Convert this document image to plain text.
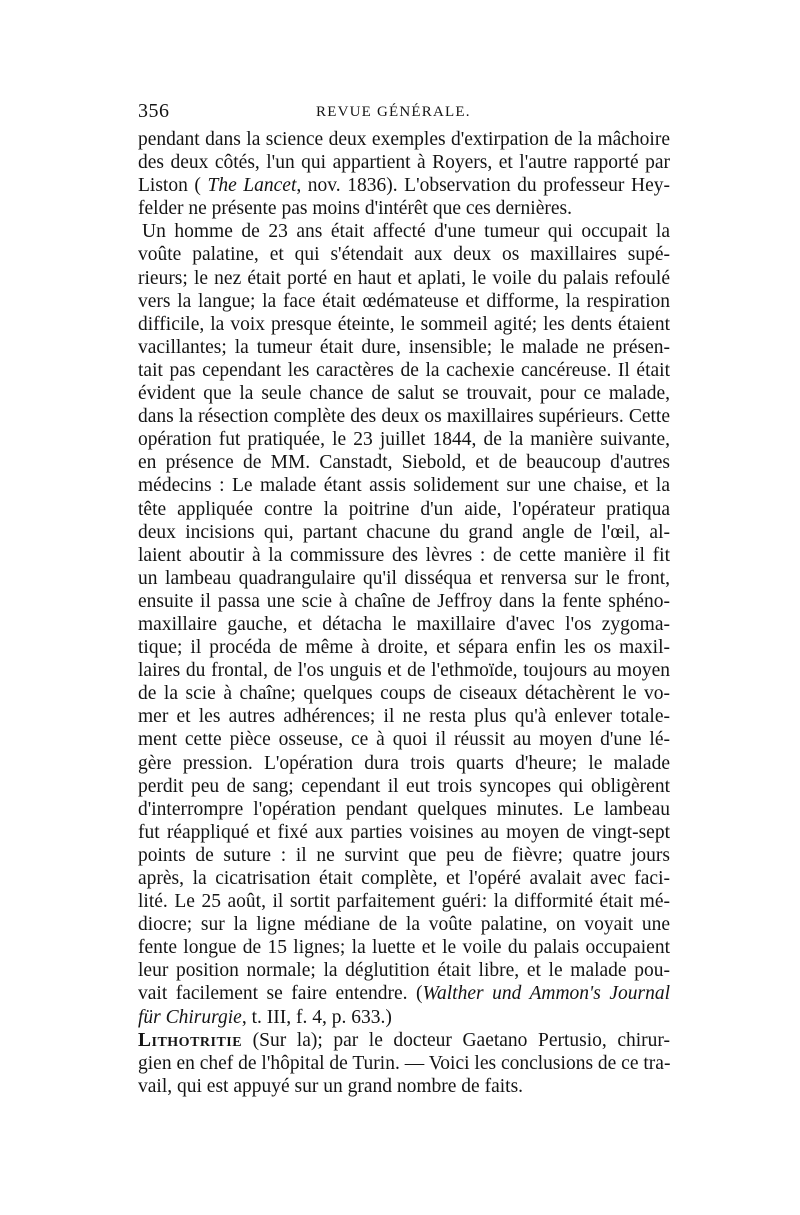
356	REVUE GÉNÉRALE.
pendant dans la science deux exemples d'extirpation de la mâchoire
des deux côtés, l'un qui appartient à Royers, et l'autre rapporté par
Liston ( The Lancet, nov. 1836). L'observation du professeur Hey-
felder ne présente pas moins d'intérêt que ces dernières.
Un homme de 23 ans était affecté d'une tumeur qui occupait la
voûte palatine, et qui s'étendait aux deux os maxillaires supé-
rieurs; le nez était porté en haut et aplati, le voile du palais refoulé
vers la langue; la face était œdémateuse et difforme, la respiration
difficile, la voix presque éteinte, le sommeil agité; les dents étaient
vacillantes; la tumeur était dure, insensible; le malade ne présen-
tait pas cependant les caractères de la cachexie cancéreuse. Il était
évident que la seule chance de salut se trouvait, pour ce malade,
dans la résection complète des deux os maxillaires supérieurs. Cette
opération fut pratiquée, le 23 juillet 1844, de la manière suivante,
en présence de MM. Canstadt, Siebold, et de beaucoup d'autres
médecins : Le malade étant assis solidement sur une chaise, et la
tête appliquée contre la poitrine d'un aide, l'opérateur pratiqua
deux incisions qui, partant chacune du grand angle de l'œil, al-
laient aboutir à la commissure des lèvres : de cette manière il fit
un lambeau quadrangulaire qu'il disséqua et renversa sur le front,
ensuite il passa une scie à chaîne de Jeffroy dans la fente sphéno-
maxillaire gauche, et détacha le maxillaire d'avec l'os zygoma-
tique; il procéda de même à droite, et sépara enfin les os maxil-
laires du frontal, de l'os unguis et de l'ethmoïde, toujours au moyen
de la scie à chaîne; quelques coups de ciseaux détachèrent le vo-
mer et les autres adhérences; il ne resta plus qu'à enlever totale-
ment cette pièce osseuse, ce à quoi il réussit au moyen d'une lé-
gère pression. L'opération dura trois quarts d'heure; le malade
perdit peu de sang; cependant il eut trois syncopes qui obligèrent
d'interrompre l'opération pendant quelques minutes. Le lambeau
fut réappliqué et fixé aux parties voisines au moyen de vingt-sept
points de suture : il ne survint que peu de fièvre; quatre jours
après, la cicatrisation était complète, et l'opéré avalait avec faci-
lité. Le 25 août, il sortit parfaitement guéri: la difformité était mé-
diocre; sur la ligne médiane de la voûte palatine, on voyait une
fente longue de 15 lignes; la luette et le voile du palais occupaient
leur position normale; la déglutition était libre, et le malade pou-
vait facilement se faire entendre. (Walther und Ammon's Journal
für Chirurgie, t. III, f. 4, p. 633.)
Lithotritie (Sur la); par le docteur Gaetano Pertusio, chirur-
gien en chef de l'hôpital de Turin. — Voici les conclusions de ce tra-
vail, qui est appuyé sur un grand nombre de faits.
